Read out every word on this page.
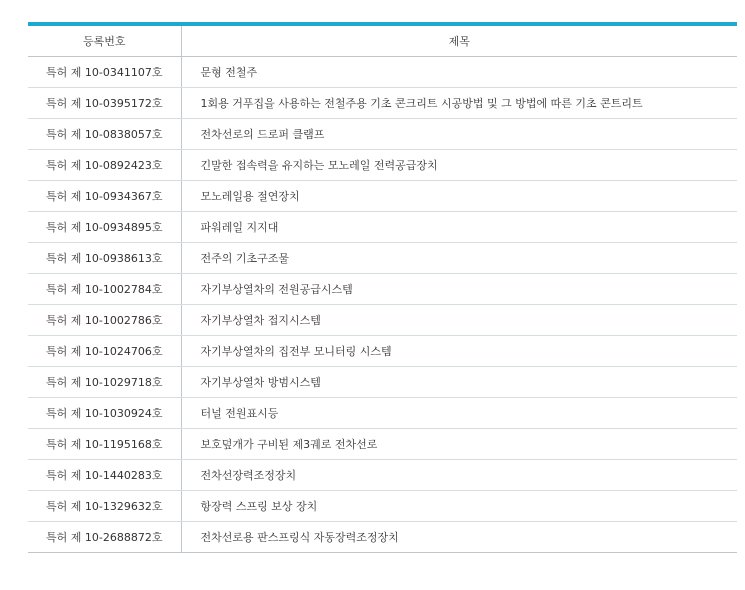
등록번호	제목
특허 제 10-0341107호	문형 전철주
특허 제 10-0395172호	1회용 거푸집을 사용하는 전철주용 기초 콘크리트 시공방법 및 그 방법에 따른 기초 콘트리트
특허 제 10-0838057호	전차선로의 드로퍼 클램프
특허 제 10-0892423호	긴말한 접속력을 유지하는 모노레일 전력공급장치
특허 제 10-0934367호	모노레일용 절연장치
특허 제 10-0934895호	파워레일 지지대
특허 제 10-0938613호	전주의 기초구조물
특허 제 10-1002784호	자기부상열차의 전원공급시스템
특허 제 10-1002786호	자기부상열차 접지시스템
특허 제 10-1024706호	자기부상열차의 집전부 모니터링 시스템
특허 제 10-1029718호	자기부상열차 방범시스템
특허 제 10-1030924호	터널 전원표시등
특허 제 10-1195168호	보호덮개가 구비된 제3궤로 전차선로
특허 제 10-1440283호	전차선장력조정장치
특허 제 10-1329632호	항장력 스프링 보상 장치
특허 제 10-2688872호	전차선로용 판스프링식 자동장력조정장치
